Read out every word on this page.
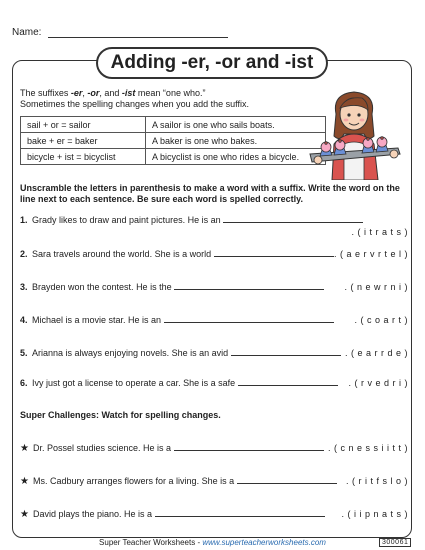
Name:
Adding -er, -or and -ist
The suffixes -er, -or, and -ist mean “one who.”
Sometimes the spelling changes when you add the suffix.
sail + or = sailor	A sailor is one who sails boats.
bake + er = baker	A baker is one who bakes.
bicycle + ist = bicyclist	A bicyclist is one who rides a bicycle.
Unscramble the letters in parenthesis to make a word with a suffix. Write the word on the line next to each sentence. Be sure each word is spelled correctly.
1. Grady likes to draw and paint pictures. He is an
. ( i t r a t s )
2. Sara travels around the world. She is a world	. ( a e r v r t e l )
3. Brayden won the contest. He is the	. ( n e w r n i )
4. Michael is a movie star. He is an	. ( c o a r t )
5. Arianna is always enjoying novels. She is an avid	. ( e a r r d e )
6. Ivy just got a license to operate a car. She is a safe	. ( r v e d r i )
Super Challenges: Watch for spelling changes.
★ Dr. Possel studies science. He is a	. ( c n e s s i i t t )
★ Ms. Cadbury arranges flowers for a living. She is a	. ( r i t f s l o )
★ David plays the piano. He is a	. ( i i p n a t s )
Super Teacher Worksheets - www.superteacherworksheets.com	300061
